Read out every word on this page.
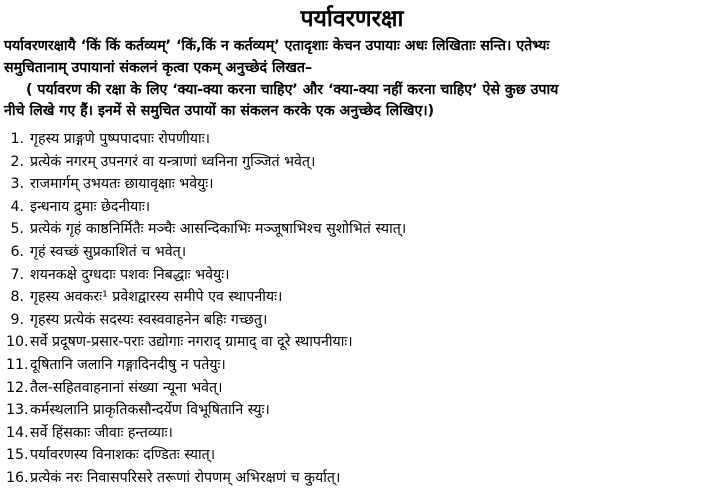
पर्यावरणरक्षा

पर्यावरणरक्षायै ‘किं किं कर्तव्यम्’ ‘किं,किं न कर्तव्यम्’ एतादृशाः केचन उपायाः अधः लिखिताः सन्ति। एतेभ्यः

समुचितानाम् उपायानां संकलनं कृत्वा एकम् अनुच्छेदं लिखत–

( पर्यावरण की रक्षा के लिए ‘क्या-क्या करना चाहिए’ और ‘क्या-क्या नहीं करना चाहिए’ ऐसे कुछ उपाय

नीचे लिखे गए हैं। इनमें से समुचित उपायों का संकलन करके एक अनुच्छेद लिखिए।)

1. गृहस्य प्राङ्गणे पुष्पपादपाः रोपणीयाः।
2. प्रत्येकं नगरम् उपनगरं वा यन्त्राणां ध्वनिना गुञ्जितं भवेत्।
3. राजमार्गम् उभयतः छायावृक्षाः भवेयुः।
4. इन्धनाय द्रुमाः छेदनीयाः।
5. प्रत्येकं गृहं काष्ठनिर्मितैः मञ्चैः आसन्दिकाभिः मञ्जूषाभिश्च सुशोभितं स्यात्।
6. गृहं स्वच्छं सुप्रकाशितं च भवेत्।
7. शयनकक्षे दुग्धदाः पशवः निबद्धाः भवेयुः।
8. गृहस्य अवकरः¹ प्रवेशद्वारस्य समीपे एव स्थापनीयः।
9. गृहस्य प्रत्येकं सदस्यः स्वस्ववाहनेन बहिः गच्छतु।
10.सर्वे प्रदूषण-प्रसार-पराः उद्योगाः नगराद् ग्रामाद् वा दूरे स्थापनीयाः।
11.दूषितानि जलानि गङ्गादिनदीषु न पतेयुः।
12.तैल-सहितवाहनानां संख्या न्यूना भवेत्।
13.कर्मस्थलानि प्राकृतिकसौन्दर्येण विभूषितानि स्युः।
14.सर्वे हिंसकाः जीवाः हन्तव्याः।
15.पर्यावरणस्य विनाशकः दण्डितः स्यात्।
16.प्रत्येकं नरः निवासपरिसरे तरूणां रोपणम् अभिरक्षणं च कुर्यात्।
